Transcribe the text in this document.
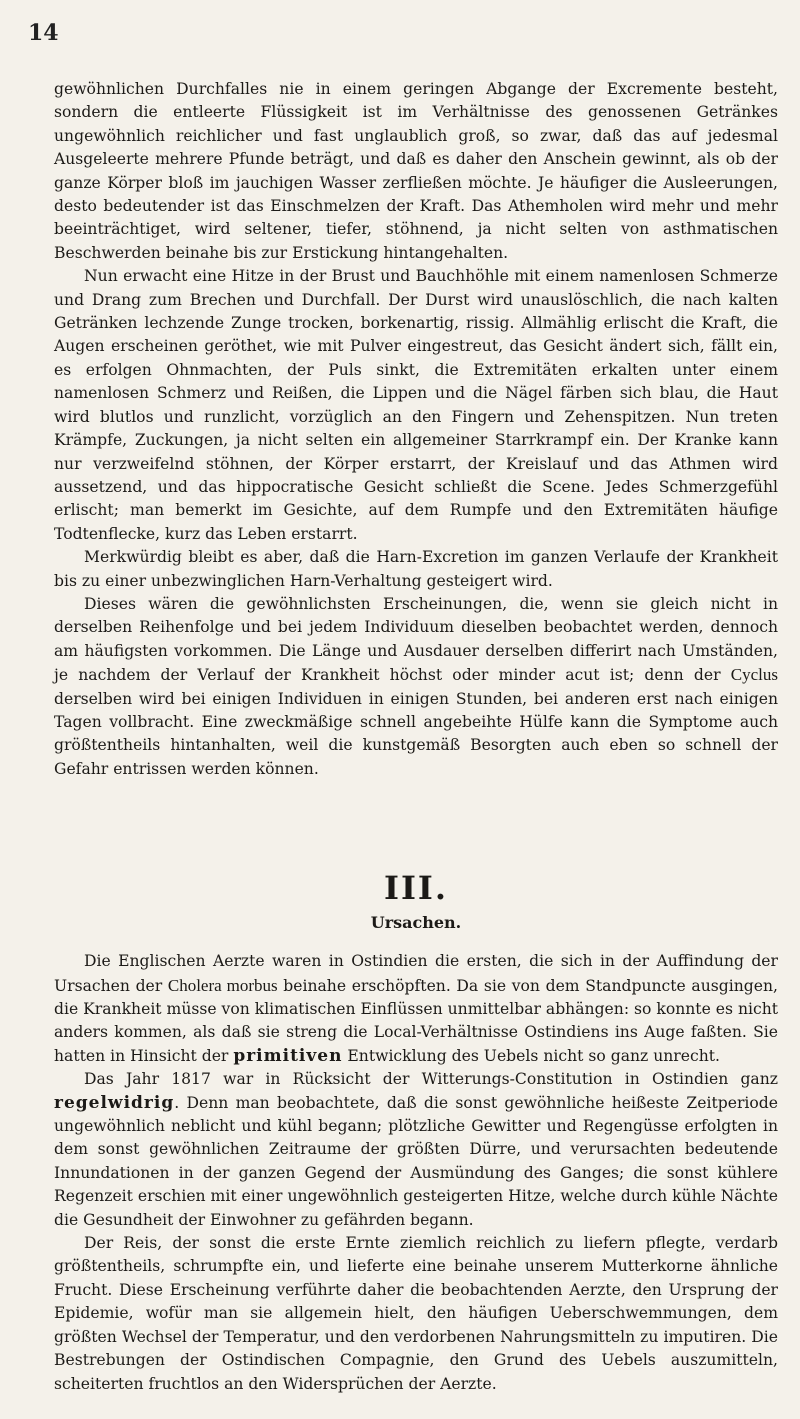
14

gewöhnlichen Durchfalles nie in einem geringen Abgange der Excremente besteht, sondern die entleerte Flüssigkeit ist im Verhältnisse des genossenen Getränkes ungewöhnlich reichlicher und fast unglaublich groß, so zwar, daß das auf jedesmal Ausgeleerte mehrere Pfunde beträgt, und daß es daher den Anschein gewinnt, als ob der ganze Körper bloß im jauchigen Wasser zerfließen möchte. Je häufiger die Ausleerungen, desto bedeutender ist das Einschmelzen der Kraft. Das Athemholen wird mehr und mehr beeinträchtiget, wird seltener, tiefer, stöhnend, ja nicht selten von asthmatischen Beschwerden beinahe bis zur Erstickung hintangehalten.

Nun erwacht eine Hitze in der Brust und Bauchhöhle mit einem namenlosen Schmerze und Drang zum Brechen und Durchfall. Der Durst wird unauslöschlich, die nach kalten Getränken lechzende Zunge trocken, borkenartig, rissig. Allmählig erlischt die Kraft, die Augen erscheinen geröthet, wie mit Pulver eingestreut, das Gesicht ändert sich, fällt ein, es erfolgen Ohnmachten, der Puls sinkt, die Extremitäten erkalten unter einem namenlosen Schmerz und Reißen, die Lippen und die Nägel färben sich blau, die Haut wird blutlos und runzlicht, vorzüglich an den Fingern und Zehenspitzen. Nun treten Krämpfe, Zuckungen, ja nicht selten ein allgemeiner Starrkrampf ein. Der Kranke kann nur verzweifelnd stöhnen, der Körper erstarrt, der Kreislauf und das Athmen wird aussetzend, und das hippocratische Gesicht schließt die Scene. Jedes Schmerzgefühl erlischt; man bemerkt im Gesichte, auf dem Rumpfe und den Extremitäten häufige Todtenflecke, kurz das Leben erstarrt.

Merkwürdig bleibt es aber, daß die Harn-Excretion im ganzen Verlaufe der Krankheit bis zu einer unbezwinglichen Harn-Verhaltung gesteigert wird.

Dieses wären die gewöhnlichsten Erscheinungen, die, wenn sie gleich nicht in derselben Reihenfolge und bei jedem Individuum dieselben beobachtet werden, dennoch am häufigsten vorkommen. Die Länge und Ausdauer derselben differirt nach Umständen, je nachdem der Verlauf der Krankheit höchst oder minder acut ist; denn der Cyclus derselben wird bei einigen Individuen in einigen Stunden, bei anderen erst nach einigen Tagen vollbracht. Eine zweckmäßige schnell angebeihte Hülfe kann die Symptome auch größtentheils hintanhalten, weil die kunstgemäß Besorgten auch eben so schnell der Gefahr entrissen werden können.

III.
Ursachen.

Die Englischen Aerzte waren in Ostindien die ersten, die sich in der Auffindung der Ursachen der Cholera morbus beinahe erschöpften. Da sie von dem Standpuncte ausgingen, die Krankheit müsse von klimatischen Einflüssen unmittelbar abhängen: so konnte es nicht anders kommen, als daß sie streng die Local-Verhältnisse Ostindiens ins Auge faßten. Sie hatten in Hinsicht der primitiven Entwicklung des Uebels nicht so ganz unrecht.

Das Jahr 1817 war in Rücksicht der Witterungs-Constitution in Ostindien ganz regelwidrig. Denn man beobachtete, daß die sonst gewöhnliche heißeste Zeitperiode ungewöhnlich neblicht und kühl begann; plötzliche Gewitter und Regengüsse erfolgten in dem sonst gewöhnlichen Zeitraume der größten Dürre, und verursachten bedeutende Innundationen in der ganzen Gegend der Ausmündung des Ganges; die sonst kühlere Regenzeit erschien mit einer ungewöhnlich gesteigerten Hitze, welche durch kühle Nächte die Gesundheit der Einwohner zu gefährden begann.

Der Reis, der sonst die erste Ernte ziemlich reichlich zu liefern pflegte, verdarb größtentheils, schrumpfte ein, und lieferte eine beinahe unserem Mutterkorne ähnliche Frucht. Diese Erscheinung verführte daher die beobachtenden Aerzte, den Ursprung der Epidemie, wofür man sie allgemein hielt, den häufigen Ueberschwemmungen, dem größten Wechsel der Temperatur, und den verdorbenen Nahrungsmitteln zu imputiren. Die Bestrebungen der Ostindischen Compagnie, den Grund des Uebels auszumitteln, scheiterten fruchtlos an den Widersprüchen der Aerzte.
